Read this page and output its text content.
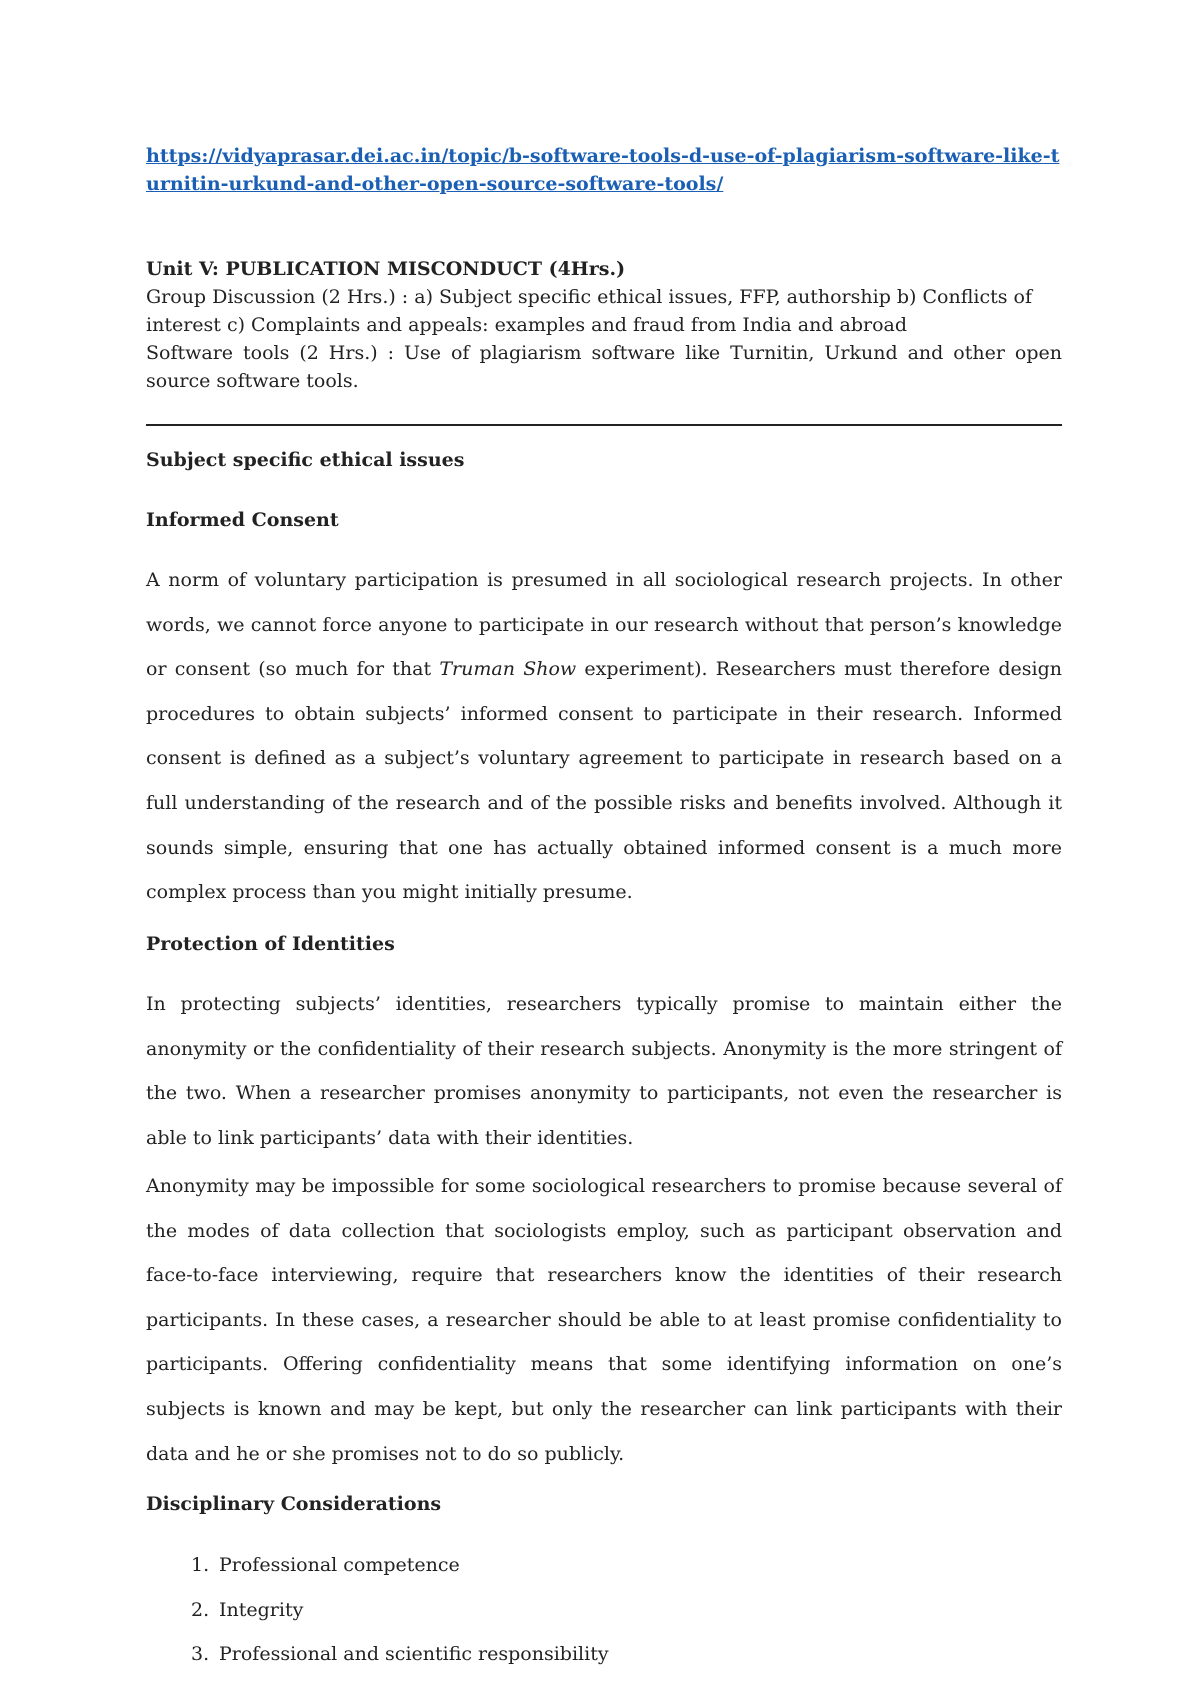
https://vidyaprasar.dei.ac.in/topic/b-software-tools-d-use-of-plagiarism-software-like-turnitin-urkund-and-other-open-source-software-tools/

Unit V: PUBLICATION MISCONDUCT (4Hrs.)

Group Discussion (2 Hrs.) : a) Subject specific ethical issues, FFP, authorship b) Conflicts of interest c) Complaints and appeals: examples and fraud from India and abroad

Software tools (2 Hrs.) : Use of plagiarism software like Turnitin, Urkund and other open source software tools.

Subject specific ethical issues
Informed Consent
A norm of voluntary participation is presumed in all sociological research projects. In other words, we cannot force anyone to participate in our research without that person’s knowledge or consent (so much for that Truman Show experiment). Researchers must therefore design procedures to obtain subjects’ informed consent to participate in their research. Informed consent is defined as a subject’s voluntary agreement to participate in research based on a full understanding of the research and of the possible risks and benefits involved. Although it sounds simple, ensuring that one has actually obtained informed consent is a much more complex process than you might initially presume.
Protection of Identities
In protecting subjects’ identities, researchers typically promise to maintain either the anonymity or the confidentiality of their research subjects. Anonymity is the more stringent of the two. When a researcher promises anonymity to participants, not even the researcher is able to link participants’ data with their identities.
Anonymity may be impossible for some sociological researchers to promise because several of the modes of data collection that sociologists employ, such as participant observation and face-to-face interviewing, require that researchers know the identities of their research participants. In these cases, a researcher should be able to at least promise confidentiality to participants. Offering confidentiality means that some identifying information on one’s subjects is known and may be kept, but only the researcher can link participants with their data and he or she promises not to do so publicly.
Disciplinary Considerations
1. Professional competence
2. Integrity
3. Professional and scientific responsibility
